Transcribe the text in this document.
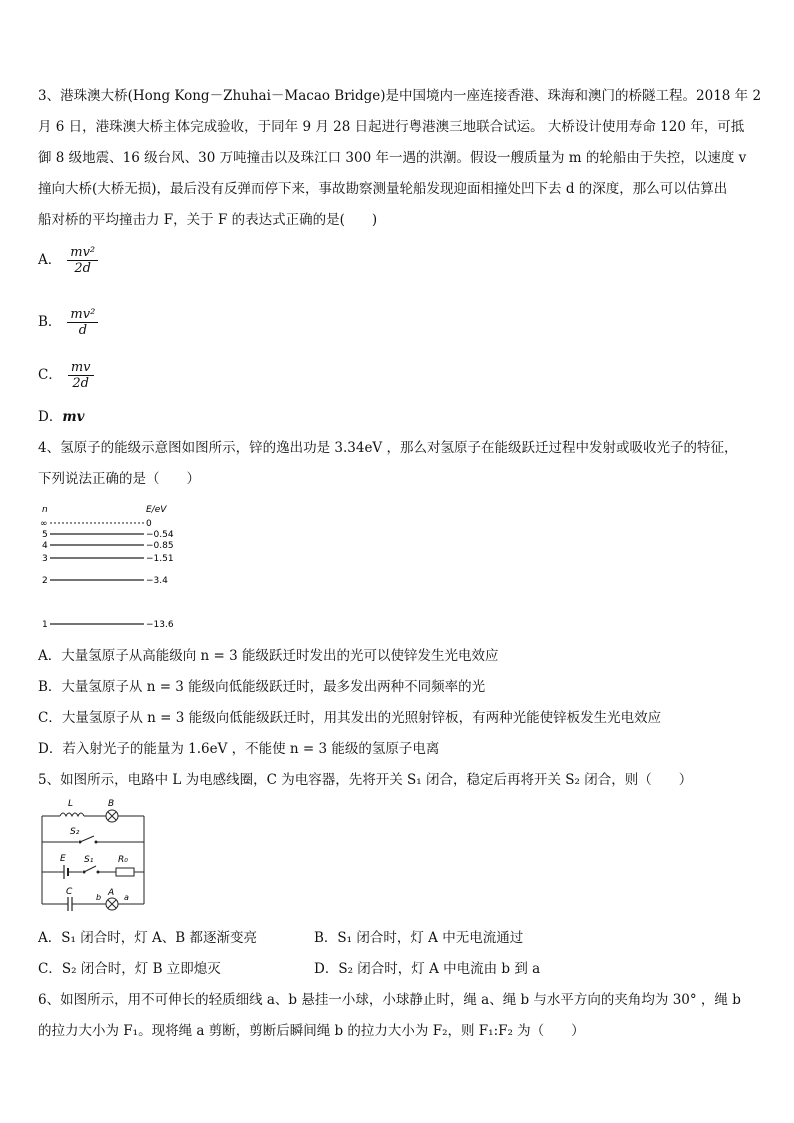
3、港珠澳大桥(Hong Kong－Zhuhai－Macao Bridge)是中国境内一座连接香港、珠海和澳门的桥隧工程。2018 年 2
月 6 日，港珠澳大桥主体完成验收，于同年 9 月 28 日起进行粤港澳三地联合试运。 大桥设计使用寿命 120 年，可抵
御 8 级地震、16 级台风、30 万吨撞击以及珠江口 300 年一遇的洪潮。假设一艘质量为 m 的轮船由于失控，以速度 v
撞向大桥(大桥无损)，最后没有反弹而停下来，事故勘察测量轮船发现迎面相撞处凹下去 d 的深度，那么可以估算出
船对桥的平均撞击力 F，关于 F 的表达式正确的是(　　)
A． $\frac{\text{mv²}}{2d}$
B． $\frac{\text{mv²}}{d}$
C． $\frac{mv}{2d}$
D．mv
4、氢原子的能级示意图如图所示，锌的逸出功是 3.34eV ，那么对氢原子在能级跃迁过程中发射或吸收光子的特征，
下列说法正确的是（　　）
n	E/eV
∞	0
5	−0.54
4	−0.85
3	−1.51
2	−3.4
1	−13.6
A．大量氢原子从高能级向 n = 3 能级跃迁时发出的光可以使锌发生光电效应
B．大量氢原子从 n = 3 能级向低能级跃迁时，最多发出两种不同频率的光
C．大量氢原子从 n = 3 能级向低能级跃迁时，用其发出的光照射锌板，有两种光能使锌板发生光电效应
D．若入射光子的能量为 1.6eV ，不能使 n = 3 能级的氢原子电离
5、如图所示，电路中 L 为电感线圈，C 为电容器，先将开关 S₁ 闭合，稳定后再将开关 S₂ 闭合，则（　　）
L	B
S₂
E S₁	R₀
C
b A a
A．S₁ 闭合时，灯 A、B 都逐渐变亮	B．S₁ 闭合时，灯 A 中无电流通过
C．S₂ 闭合时，灯 B 立即熄灭	D．S₂ 闭合时，灯 A 中电流由 b 到 a
6、如图所示，用不可伸长的轻质细线 a、b 悬挂一小球，小球静止时，绳 a、绳 b 与水平方向的夹角均为 30° ，绳 b
的拉力大小为 F₁。现将绳 a 剪断，剪断后瞬间绳 b 的拉力大小为 F₂，则 F₁:F₂ 为（　　）
